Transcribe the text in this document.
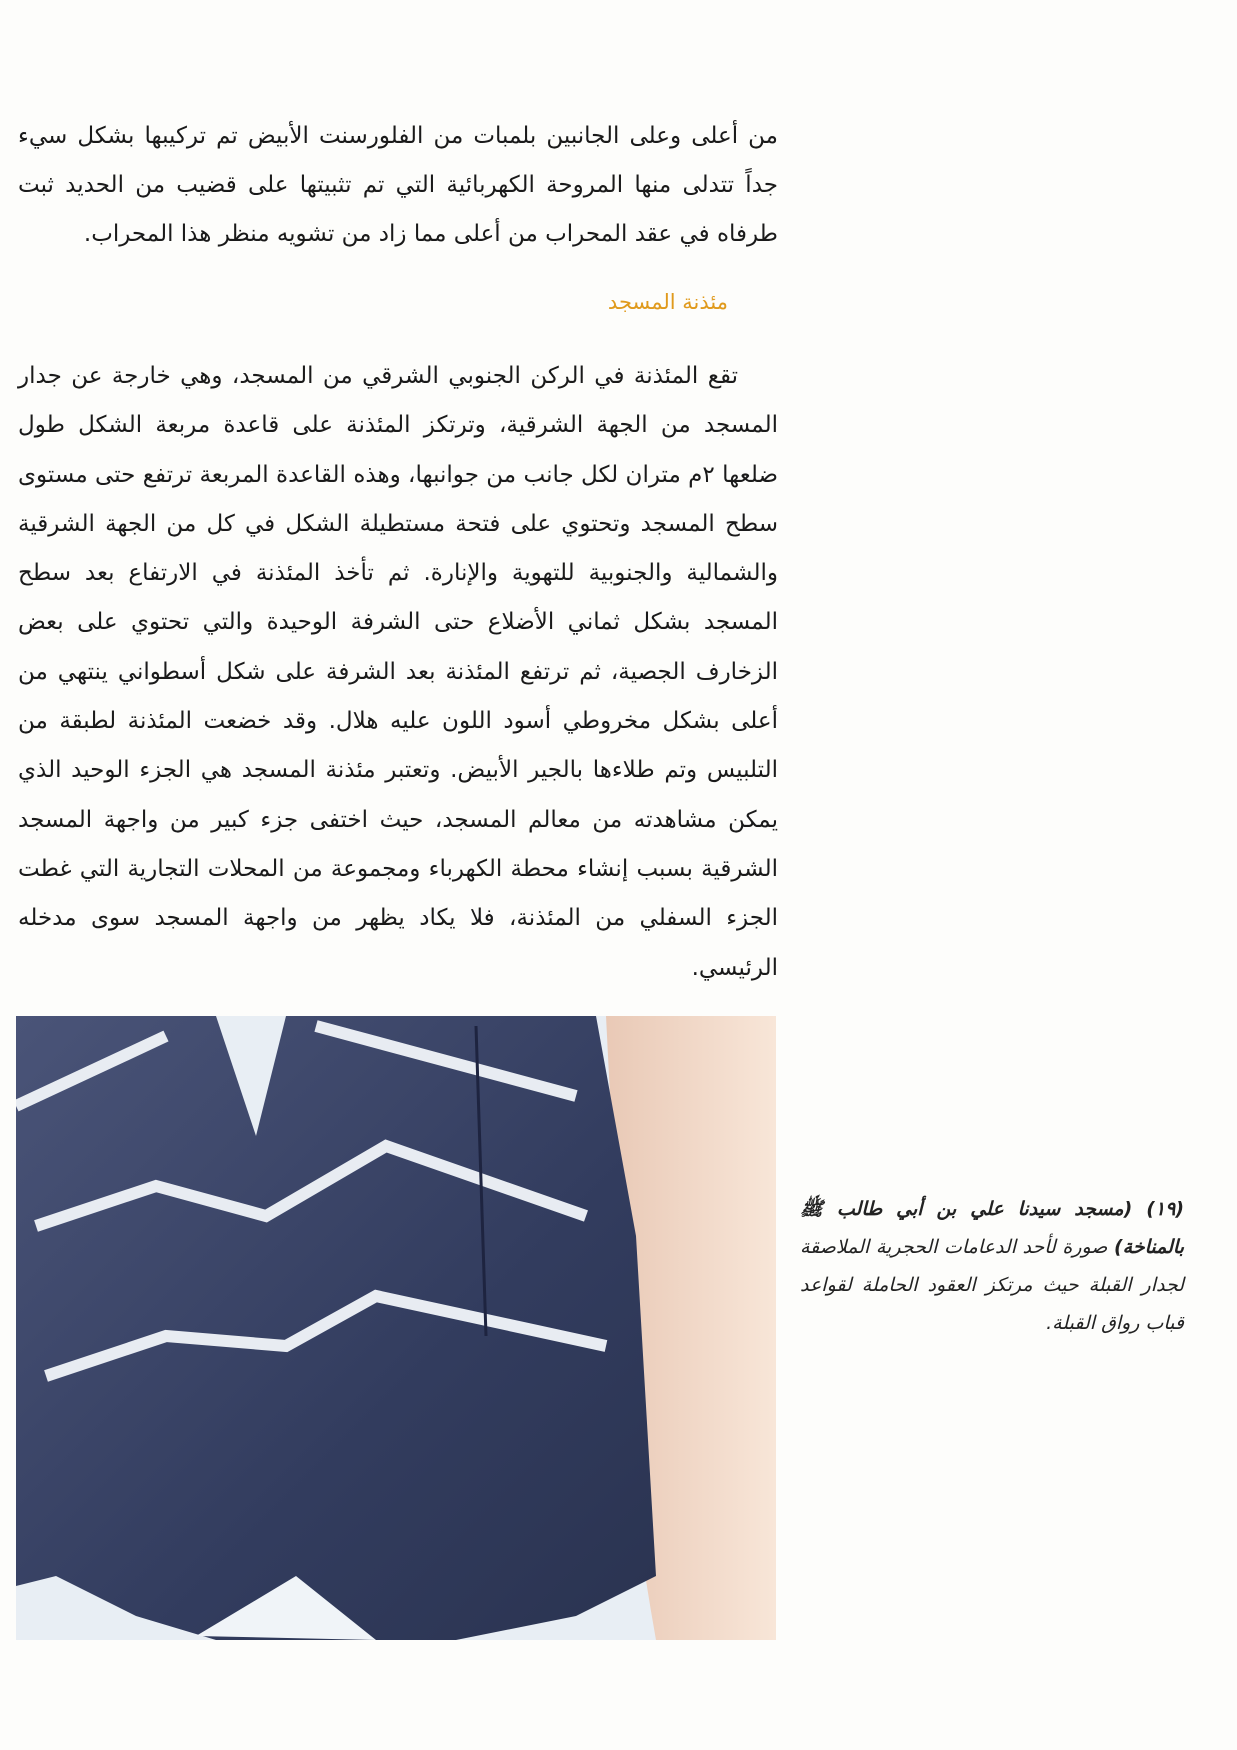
من أعلى وعلى الجانبين بلمبات من الفلورسنت الأبيض تم تركيبها بشكل سيء جداً تتدلى منها المروحة الكهربائية التي تم تثبيتها على قضيب من الحديد ثبت طرفاه في عقد المحراب من أعلى مما زاد من تشويه منظر هذا المحراب.

مئذنة المسجد

تقع المئذنة في الركن الجنوبي الشرقي من المسجد، وهي خارجة عن جدار المسجد من الجهة الشرقية، وترتكز المئذنة على قاعدة مربعة الشكل طول ضلعها ٢م متران لكل جانب من جوانبها، وهذه القاعدة المربعة ترتفع حتى مستوى سطح المسجد وتحتوي على فتحة مستطيلة الشكل في كل من الجهة الشرقية والشمالية والجنوبية للتهوية والإنارة. ثم تأخذ المئذنة في الارتفاع بعد سطح المسجد بشكل ثماني الأضلاع حتى الشرفة الوحيدة والتي تحتوي على بعض الزخارف الجصية، ثم ترتفع المئذنة بعد الشرفة على شكل أسطواني ينتهي من أعلى بشكل مخروطي أسود اللون عليه هلال. وقد خضعت المئذنة لطبقة من التلبيس وتم طلاءها بالجير الأبيض. وتعتبر مئذنة المسجد هي الجزء الوحيد الذي يمكن مشاهدته من معالم المسجد، حيث اختفى جزء كبير من واجهة المسجد الشرقية بسبب إنشاء محطة الكهرباء ومجموعة من المحلات التجارية التي غطت الجزء السفلي من المئذنة، فلا يكاد يظهر من واجهة المسجد سوى مدخله الرئيسي.

(١٩) (مسجد سيدنا علي بن أبي طالب ﷺ بالمناخة) صورة لأحد الدعامات الحجرية الملاصقة لجدار القبلة حيث مرتكز العقود الحاملة لقواعد قباب رواق القبلة.
